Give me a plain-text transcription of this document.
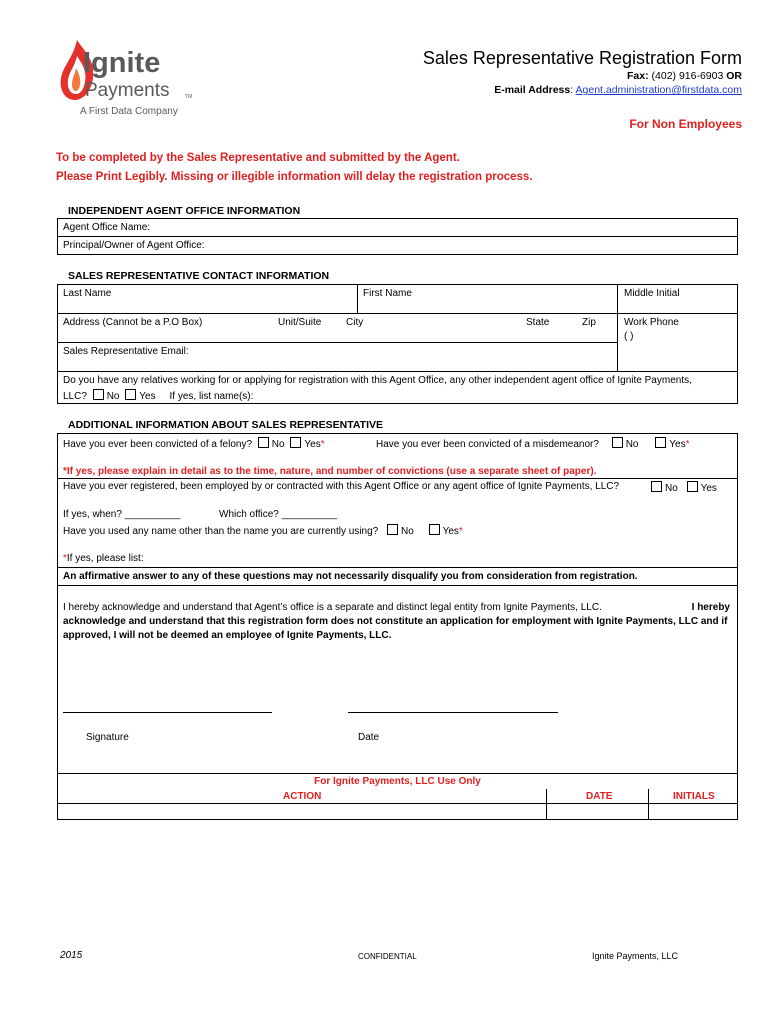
Ignite
Payments	TM
A First Data Company
Sales Representative Registration Form
Fax: (402) 916-6903 OR
E-mail Address: Agent.administration@firstdata.com
For Non Employees
To be completed by the Sales Representative and submitted by the Agent.
Please Print Legibly. Missing or illegible information will delay the registration process.
INDEPENDENT AGENT OFFICE INFORMATION
Agent Office Name:
Principal/Owner of Agent Office:
SALES REPRESENTATIVE CONTACT INFORMATION
Last Name	First Name	Middle Initial
Address (Cannot be a P.O Box)	Unit/Suite City	State	Zip	Work Phone
( )
Sales Representative Email:
Do you have any relatives working for or applying for registration with this Agent Office, any other independent agent office of Ignite Payments,
LLC? No Yes If yes, list name(s):
ADDITIONAL INFORMATION ABOUT SALES REPRESENTATIVE
Have you ever been convicted of a felony? No Yes*	Have you ever been convicted of a misdemeanor?	No	Yes*
*If yes, please explain in detail as to the time, nature, and number of convictions (use a separate sheet of paper).
Have you ever registered, been employed by or contracted with this Agent Office or any agent office of Ignite Payments, LLC?	No Yes
If yes, when? __________	Which office? __________
Have you used any name other than the name you are currently using? No	Yes*
*If yes, please list:
An affirmative answer to any of these questions may not necessarily disqualify you from consideration from registration.
I hereby acknowledge and understand that Agent’s office is a separate and distinct legal entity from Ignite Payments, LLC.	I hereby
acknowledge and understand that this registration form does not constitute an application for employment with Ignite Payments, LLC and if
approved, I will not be deemed an employee of Ignite Payments, LLC.
Signature	Date
For Ignite Payments, LLC Use Only
ACTION	DATE	INITIALS
2015	CONFIDENTIAL	Ignite Payments, LLC
